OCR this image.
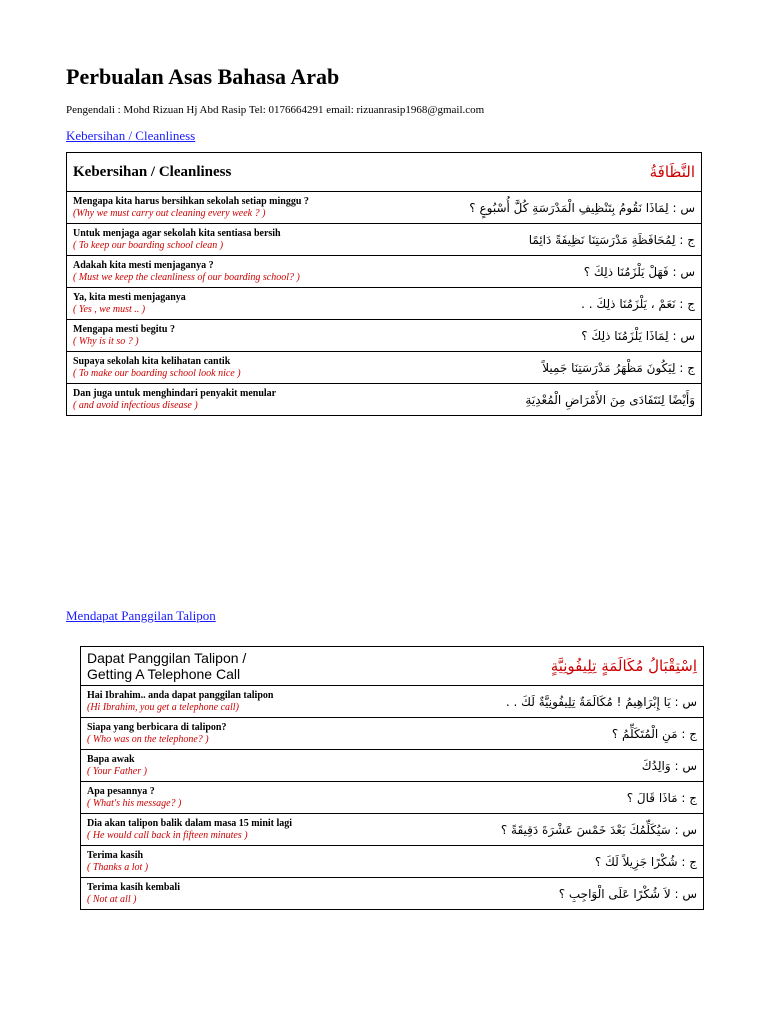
Perbualan Asas Bahasa Arab
Pengendali : Mohd Rizuan Hj Abd Rasip Tel: 0176664291 email: rizuanrasip1968@gmail.com
Kebersihan / Cleanliness
Kebersihan / Cleanliness	النَّظَافَةُ
Mengapa kita harus bersihkan sekolah setiap minggu ?
(Why we must carry out cleaning every week ? )	س : لِمَاذَا نَقُومُ بِتَنْظِيفِ الْمَدْرَسَةِ كُلَّ أُسْبُوعٍ ؟
Untuk menjaga agar sekolah kita sentiasa bersih
( To keep our boarding school clean )	ج : لِمُحَافَظَةِ مَدْرَسَتِنَا نَظِيفَةً دَائِمًا
Adakah kita mesti menjaganya ?
( Must we keep the cleanliness of our boarding school? )	س : فَهَلْ يَلْزَمُنَا ذلِكَ ؟
Ya, kita mesti menjaganya
( Yes , we must .. )	ج : نَعَمْ ، يَلْزَمُنَا ذلِكَ . .
Mengapa mesti begitu ?
( Why is it so ? )	س : لِمَاذَا يَلْزَمُنَا ذلِكَ ؟
Supaya sekolah kita kelihatan cantik
( To make our boarding school look nice )	ج : لِيَكُونَ مَظْهَرُ مَدْرَسَتِنَا جَمِيلاً
Dan juga untuk menghindari penyakit menular
( and avoid infectious disease )	وَأَيْضًا لِنَتَفَادَى مِنَ الأَمْرَاضِ الْمُعْدِيَةِ
Mendapat Panggilan Talipon
Dapat Panggilan Talipon /
Getting A Telephone Call	اِسْتِقْبَالُ مُكَالَمَةٍ تِلِيفُونِيَّةٍ
Hai Ibrahim.. anda dapat panggilan talipon
(Hi Ibrahim, you get a telephone call)	س : يَا إِبْرَاهِيمُ ! مُكَالَمَةٌ تِلِيفُونِيَّةٌ لَكَ . .
Siapa yang berbicara di talipon?
( Who was on the telephone? )	ج : مَنِ الْمُتَكَلِّمُ ؟
Bapa awak
( Your Father )	س : وَالِدُكَ
Apa pesannya ?
( What's his message? )	ج : مَاذَا قَالَ ؟
Dia akan talipon balik dalam masa 15 minit lagi
( He would call back in fifteen minutes )	س : سَيُكَلِّمُكَ بَعْدَ خَمْسَ عَشْرَةَ دَقِيقَةً ؟
Terima kasih
( Thanks a lot )	ج : شُكْرًا جَزِيلاً لَكَ ؟
Terima kasih kembali
( Not at all )	س : لاَ شُكْرًا عَلَى الْوَاجِبِ ؟
